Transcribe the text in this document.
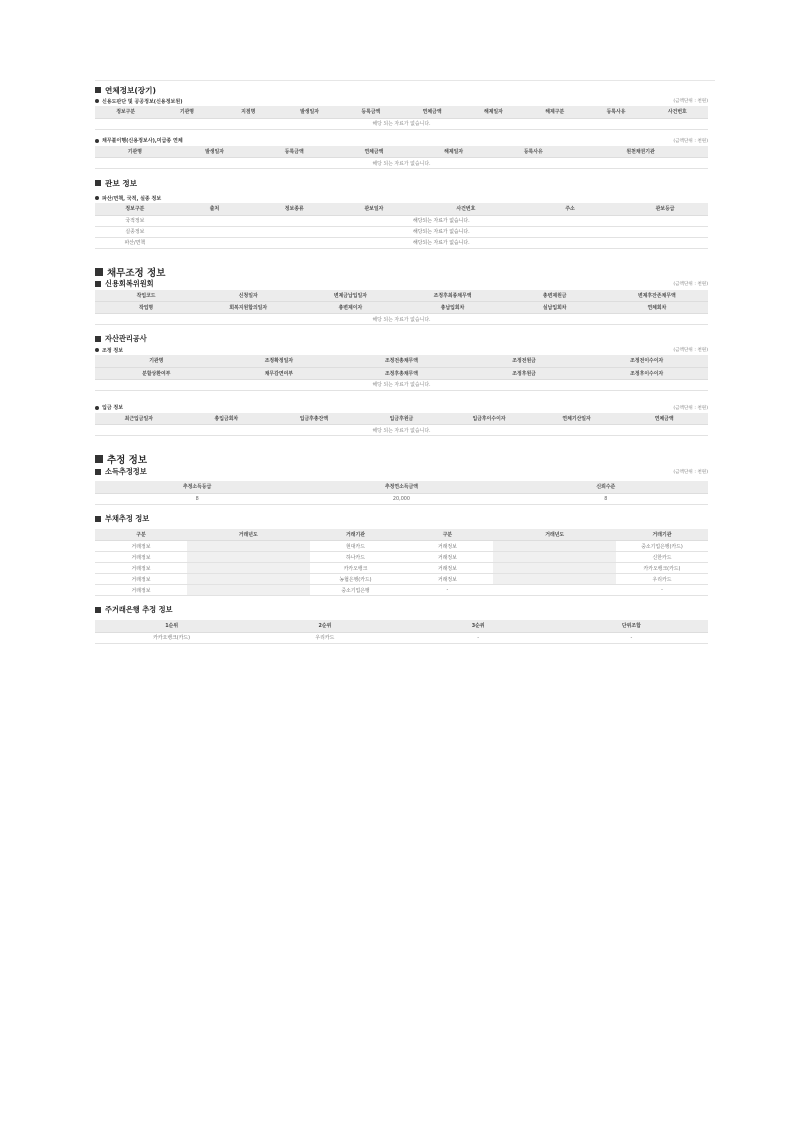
연체정보(장기)
신용도판단 및 공공정보(신용정보원)	(금액단위 : 천원)
정보구분	기관명	지점명	발생일자	등록금액	연체금액	해제일자	해제구분	등록사유	사건번호
해당 되는 자료가 없습니다.
채무불이행(신용정보사),미급종 연체	(금액단위 : 천원)
기관명	발생일자	등록금액	연체금액	해제일자	등록사유	원천채권기관
해당 되는 자료가 없습니다.
관보 정보
파산/면책, 국적, 실종 정보
정보구분	출처	정보종류	관보일자	사건번호	주소	관보등급
국적정보	해당되는 자료가 없습니다.					
실종정보	해당되는 자료가 없습니다.					
파산/면책	해당되는 자료가 없습니다.					
채무조정 정보
신용회복위원회	(금액단위 : 천원)
작업코드	신청일자	변제금납입일자	조정후최종채무액	총변제원금	변제후잔존채무액
작업명	회복지원합의일자	총변제이자	총납입회차	실납입회차	연체회차
해당 되는 자료가 없습니다.					
자산관리공사
조정 정보	(금액단위 : 천원)
기관명	조정확정일자	조정전총채무액	조정전원금	조정전이수이자
분할상환여부	채무감면여부	조정후총채무액	조정후원금	조정후이수이자
해당 되는 자료가 없습니다.				
입금 정보	(금액단위 : 천원)
최근입금일자	총입금회차	입금후총잔액	입금후원금	입금후이수이자	연체기산일자	연체금액
해당 되는 자료가 없습니다.
추정 정보
소득추정정보	(금액단위 : 천원)
추정소득등급	추정연소득금액	신뢰수준
8	20,000	8
부채추정 정보
구분	거래년도	거래기관	구분	거래년도	거래기관
거래정보		현대카드	거래정보		중소기업은행(카드)
거래정보		하나카드	거래정보		신한카드
거래정보		카카오뱅크	거래정보		카카오뱅크(카드)
거래정보		농협은행(카드)	거래정보		우리카드
거래정보		중소기업은행	-		-
주거래은행 추정 정보
1순위	2순위	3순위	단위조합
카카오뱅크(카드)	우리카드	-	-
